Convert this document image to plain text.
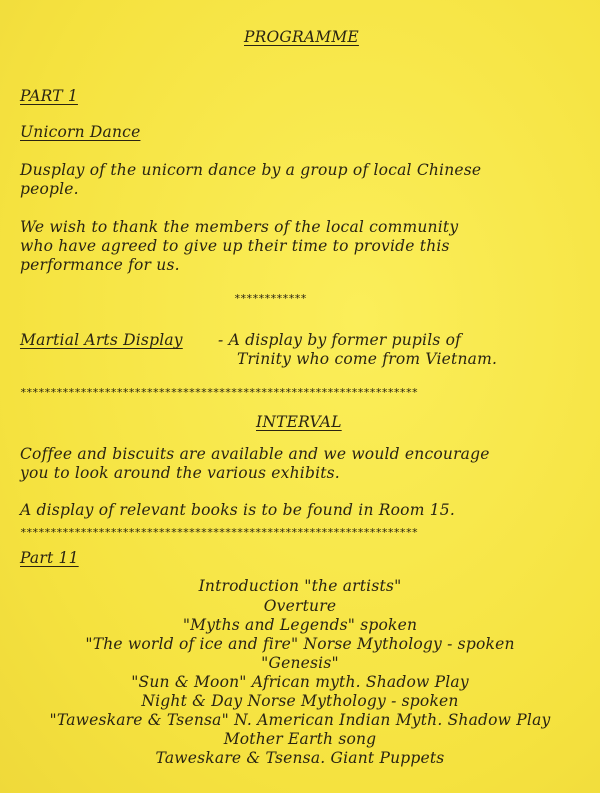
PROGRAMME
PART 1
Unicorn Dance
Dusplay of the unicorn dance by a group of local Chinese
people.
We wish to thank the members of the local community
who have agreed to give up their time to provide this
performance for us.
************
Martial Arts Display - A display by former pupils of
Trinity who come from Vietnam.
******************************************************************
INTERVAL
Coffee and biscuits are available and we would encourage
you to look around the various exhibits.
A display of relevant books is to be found in Room 15.
******************************************************************
Part 11
Introduction "the artists"
Overture
"Myths and Legends" spoken
"The world of ice and fire" Norse Mythology - spoken
"Genesis"
"Sun & Moon" African myth. Shadow Play
Night & Day Norse Mythology - spoken
"Taweskare & Tsensa" N. American Indian Myth. Shadow Play
Mother Earth song
Taweskare & Tsensa. Giant Puppets
